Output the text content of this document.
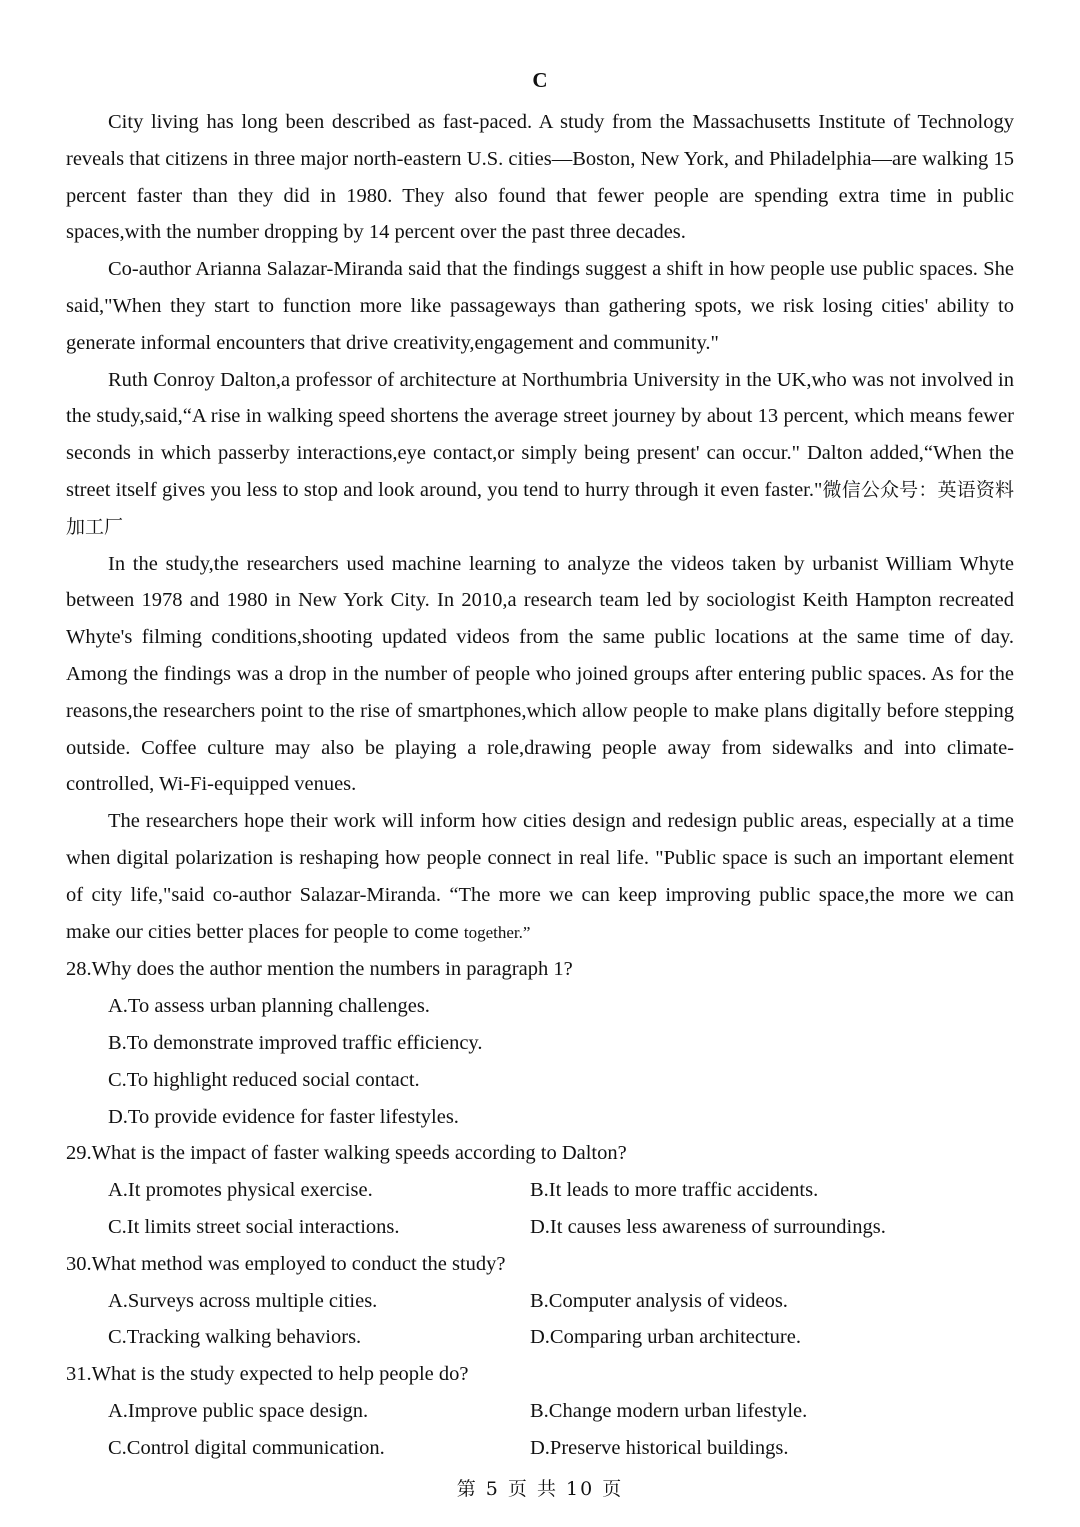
C

City living has long been described as fast-paced. A study from the Massachusetts Institute of Technology reveals that citizens in three major north-eastern U.S. cities—Boston, New York, and Philadelphia—are walking 15 percent faster than they did in 1980. They also found that fewer people are spending extra time in public spaces,with the number dropping by 14 percent over the past three decades.

Co-author Arianna Salazar-Miranda said that the findings suggest a shift in how people use public spaces. She said,"When they start to function more like passageways than gathering spots, we risk losing cities' ability to generate informal encounters that drive creativity,engagement and community."

Ruth Conroy Dalton,a professor of architecture at Northumbria University in the UK,who was not involved in the study,said,“A rise in walking speed shortens the average street journey by about 13 percent, which means fewer seconds in which passerby interactions,eye contact,or simply being present' can occur." Dalton added,“When the street itself gives you less to stop and look around, you tend to hurry through it even faster."微信公众号：英语资料加工厂

In the study,the researchers used machine learning to analyze the videos taken by urbanist William Whyte between 1978 and 1980 in New York City. In 2010,a research team led by sociologist Keith Hampton recreated Whyte's filming conditions,shooting updated videos from the same public locations at the same time of day. Among the findings was a drop in the number of people who joined groups after entering public spaces. As for the reasons,the researchers point to the rise of smartphones,which allow people to make plans digitally before stepping outside. Coffee culture may also be playing a role,drawing people away from sidewalks and into climate-controlled, Wi-Fi-equipped venues.

The researchers hope their work will inform how cities design and redesign public areas, especially at a time when digital polarization is reshaping how people connect in real life. "Public space is such an important element of city life,"said co-author Salazar-Miranda. “The more we can keep improving public space,the more we can make our cities better places for people to come together.”

28.Why does the author mention the numbers in paragraph 1?

A.To assess urban planning challenges.
B.To demonstrate improved traffic efficiency.
C.To highlight reduced social contact.
D.To provide evidence for faster lifestyles.

29.What is the impact of faster walking speeds according to Dalton?

A.It promotes physical exercise.	B.It leads to more traffic accidents.
C.It limits street social interactions.	D.It causes less awareness of surroundings.

30.What method was employed to conduct the study?

A.Surveys across multiple cities.	B.Computer analysis of videos.
C.Tracking walking behaviors.	D.Comparing urban architecture.

31.What is the study expected to help people do?

A.Improve public space design.	B.Change modern urban lifestyle.
C.Control digital communication.	D.Preserve historical buildings.
第 5 页 共 10 页
